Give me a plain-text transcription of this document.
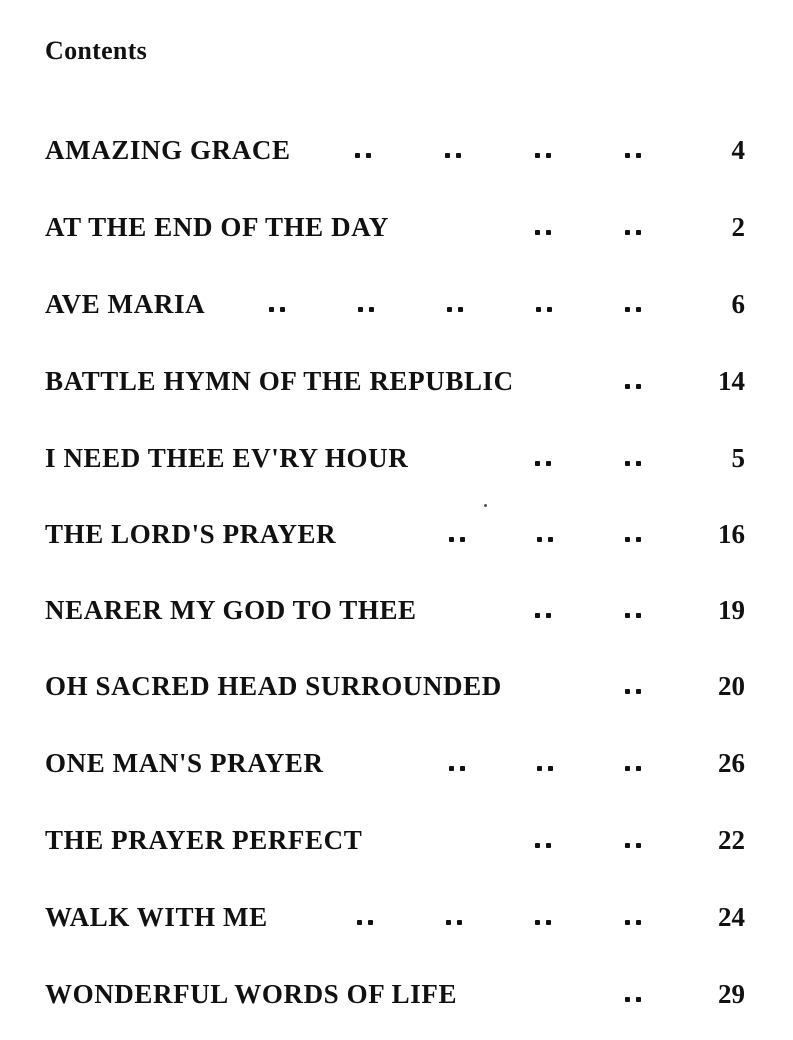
Contents
AMAZING GRACE	4
AT THE END OF THE DAY	2
AVE MARIA	6
BATTLE HYMN OF THE REPUBLIC	14
I NEED THEE EV'RY HOUR	5
THE LORD'S PRAYER	16
NEARER MY GOD TO THEE	19
OH SACRED HEAD SURROUNDED	20
ONE MAN'S PRAYER	26
THE PRAYER PERFECT	22
WALK WITH ME	24
WONDERFUL WORDS OF LIFE	29
